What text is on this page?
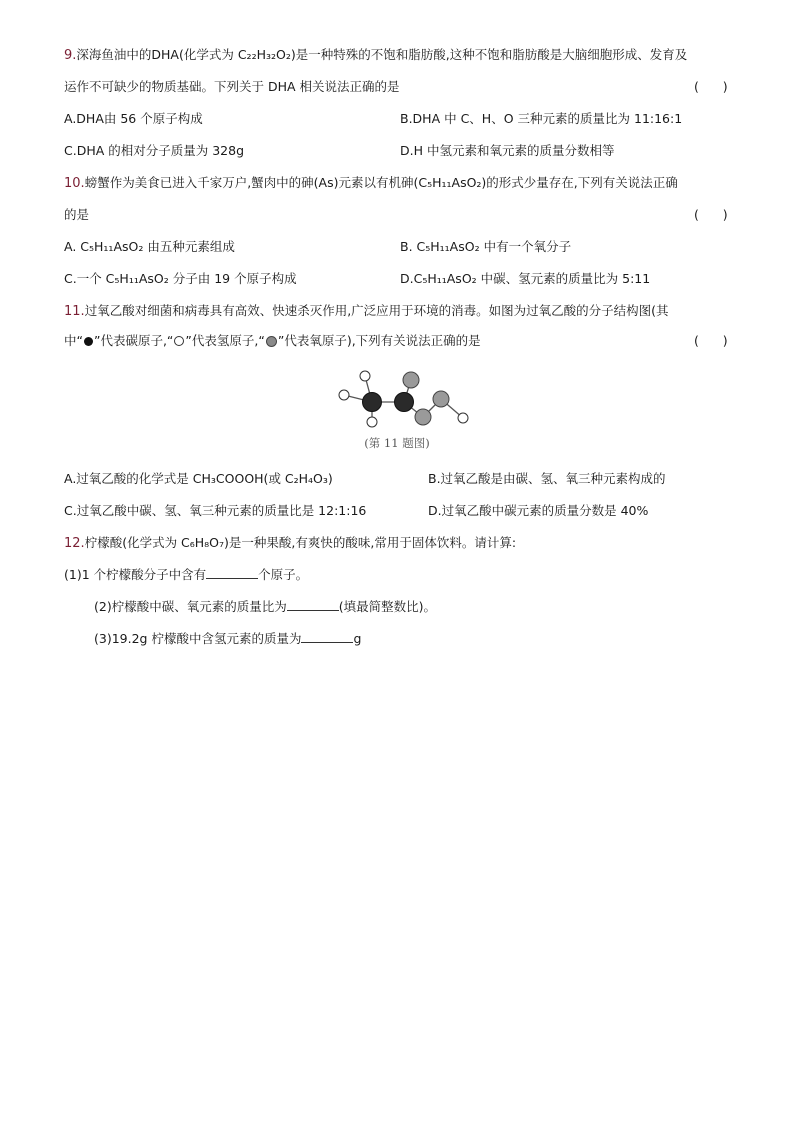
9.深海鱼油中的DHA(化学式为 C₂₂H₃₂O₂)是一种特殊的不饱和脂肪酸,这种不饱和脂肪酸是大脑细胞形成、发育及
运作不可缺少的物质基础。下列关于 DHA 相关说法正确的是	(      )
A.DHA由 56 个原子构成	B.DHA 中 C、H、O 三种元素的质量比为 11:16:1
C.DHA 的相对分子质量为 328g	D.H 中氢元素和氧元素的质量分数相等
10.螃蟹作为美食已进入千家万户,蟹肉中的砷(As)元素以有机砷(C₅H₁₁AsO₂)的形式少量存在,下列有关说法正确
的是	(      )
A. C₅H₁₁AsO₂ 由五种元素组成	B. C₅H₁₁AsO₂ 中有一个氧分子
C.一个 C₅H₁₁AsO₂ 分子由 19 个原子构成	D.C₅H₁₁AsO₂ 中碳、氢元素的质量比为 5:11
11.过氧乙酸对细菌和病毒具有高效、快速杀灭作用,广泛应用于环境的消毒。如图为过氧乙酸的分子结构图(其
中“ ”代表碳原子,“ ”代表氢原子,“ ”代表氧原子),下列有关说法正确的是	(      )
(第 11 题图)
A.过氧乙酸的化学式是 CH₃COOOH(或 C₂H₄O₃)	B.过氧乙酸是由碳、氢、氧三种元素构成的
C.过氧乙酸中碳、氢、氧三种元素的质量比是 12:1:16	D.过氧乙酸中碳元素的质量分数是 40%
12.柠檬酸(化学式为 C₆H₈O₇)是一种果酸,有爽快的酸味,常用于固体饮料。请计算:
(1)1 个柠檬酸分子中含有	个原子。
(2)柠檬酸中碳、氧元素的质量比为	(填最简整数比)。
(3)19.2g 柠檬酸中含氢元素的质量为	g
